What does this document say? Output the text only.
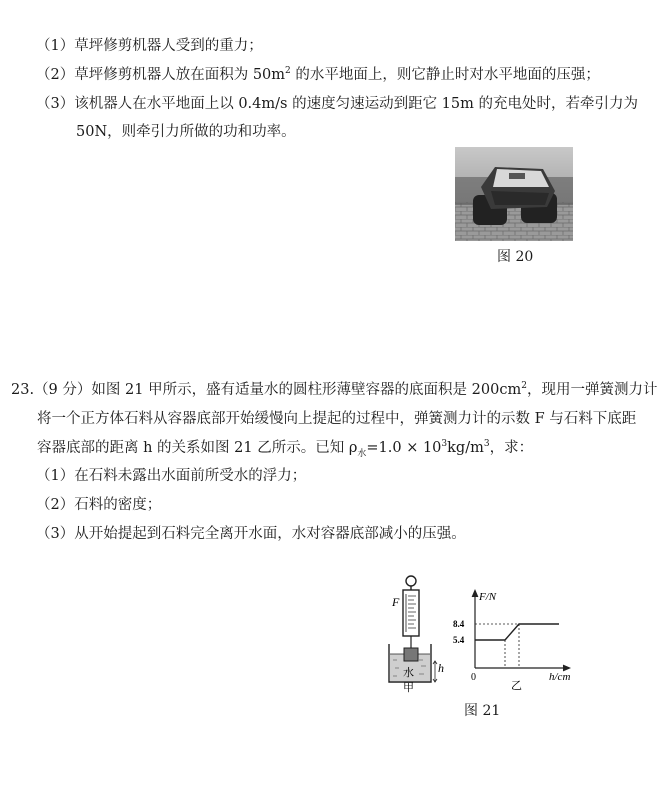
（1）草坪修剪机器人受到的重力；
（2）草坪修剪机器人放在面积为 $50m^2$ 的水平地面上，则它静止时对水平地面的压强；
（3）该机器人在水平地面上以 0.4m/s 的速度匀速运动到距它 15m 的充电处时，若牵引力为
50N，则牵引力所做的功和功率。
图 20
23.（9 分）如图 21 甲所示，盛有适量水的圆柱形薄壁容器的底面积是 $200cm^2$，现用一弹簧测力计
将一个正方体石料从容器底部开始缓慢向上提起的过程中，弹簧测力计的示数 F 与石料下底距
容器底部的距离 h 的关系如图 21 乙所示。已知 $\rho_水=1.0 \times 10^3kg/m^3$，求：
（1）在石料未露出水面前所受水的浮力；
（2）石料的密度；
（3）从开始提起到石料完全离开水面，水对容器底部减小的压强。
F
h
水
甲
F/N
h/cm
0
8.4
5.4
乙
图 21
